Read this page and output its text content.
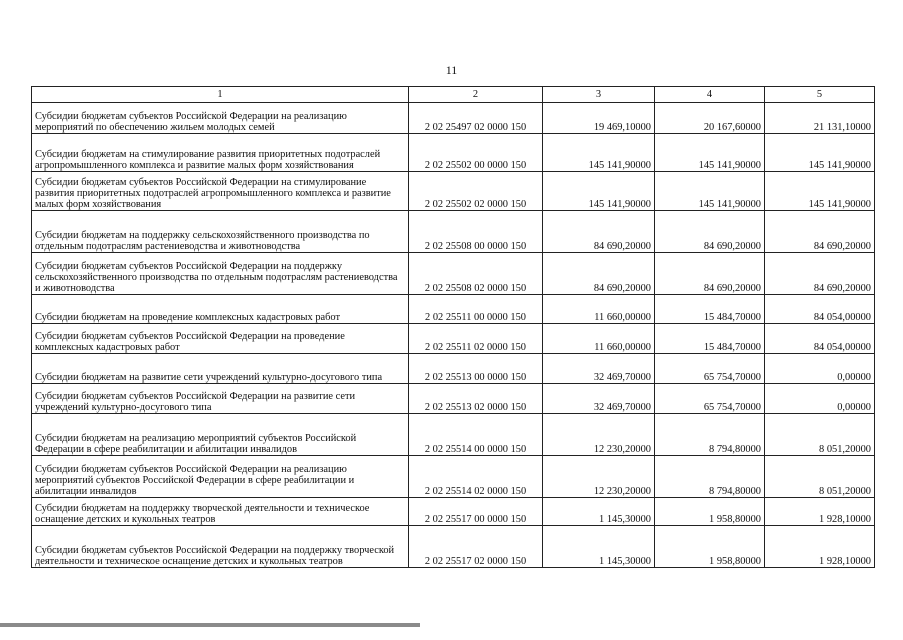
11
1	2	3	4	5
Субсидии бюджетам субъектов Российской Федерации на реализацию мероприятий по обеспечению жильем молодых семей	2 02 25497 02 0000 150	19 469,10000	20 167,60000	21 131,10000
Субсидии бюджетам на стимулирование развития приоритетных подотраслей агропромышленного комплекса и развитие малых форм хозяйствования	2 02 25502 00 0000 150	145 141,90000	145 141,90000	145 141,90000
Субсидии бюджетам субъектов Российской Федерации на стимулирование развития приоритетных подотраслей агропромышленного комплекса и развитие малых форм хозяйствования	2 02 25502 02 0000 150	145 141,90000	145 141,90000	145 141,90000
Субсидии бюджетам на поддержку сельскохозяйственного производства по отдельным подотраслям растениеводства и животноводства	2 02 25508 00 0000 150	84 690,20000	84 690,20000	84 690,20000
Субсидии бюджетам субъектов Российской Федерации на поддержку сельскохозяйственного производства по отдельным подотраслям растениеводства и животноводства	2 02 25508 02 0000 150	84 690,20000	84 690,20000	84 690,20000
Субсидии бюджетам на проведение комплексных кадастровых работ	2 02 25511 00 0000 150	11 660,00000	15 484,70000	84 054,00000
Субсидии бюджетам субъектов Российской Федерации на проведение комплексных кадастровых работ	2 02 25511 02 0000 150	11 660,00000	15 484,70000	84 054,00000
Субсидии бюджетам на развитие сети учреждений культурно-досугового типа	2 02 25513 00 0000 150	32 469,70000	65 754,70000	0,00000
Субсидии бюджетам субъектов Российской Федерации на развитие сети учреждений культурно-досугового типа	2 02 25513 02 0000 150	32 469,70000	65 754,70000	0,00000
Субсидии бюджетам на реализацию мероприятий субъектов Российской Федерации в сфере реабилитации и абилитации инвалидов	2 02 25514 00 0000 150	12 230,20000	8 794,80000	8 051,20000
Субсидии бюджетам субъектов Российской Федерации на реализацию мероприятий субъектов Российской Федерации в сфере реабилитации и абилитации инвалидов	2 02 25514 02 0000 150	12 230,20000	8 794,80000	8 051,20000
Субсидии бюджетам на поддержку творческой деятельности и техническое оснащение детских и кукольных театров	2 02 25517 00 0000 150	1 145,30000	1 958,80000	1 928,10000
Субсидии бюджетам субъектов Российской Федерации на поддержку творческой деятельности и техническое оснащение детских и кукольных театров	2 02 25517 02 0000 150	1 145,30000	1 958,80000	1 928,10000
